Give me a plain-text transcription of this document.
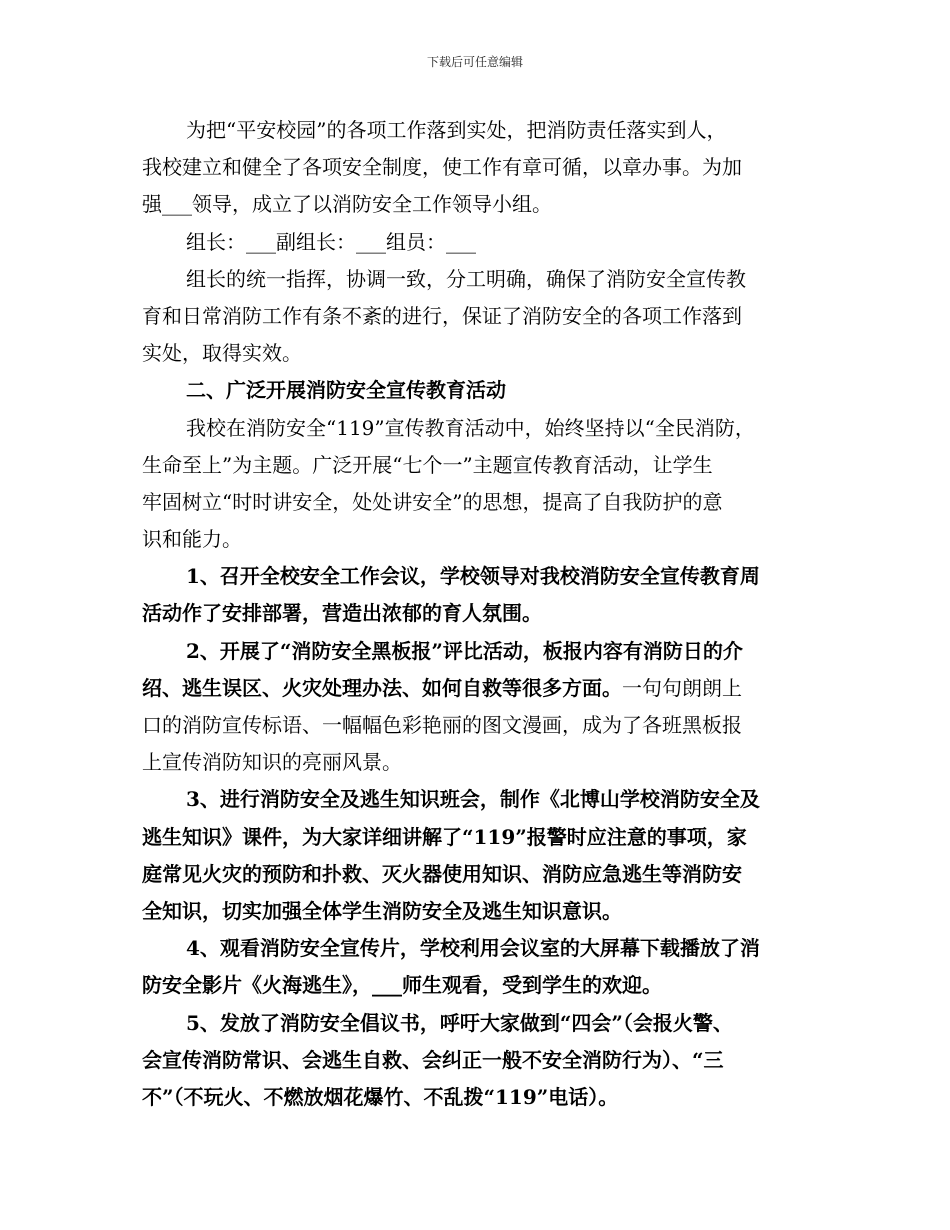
下载后可任意编辑
为把“平安校园”的各项工作落到实处，把消防责任落实到人，
我校建立和健全了各项安全制度，使工作有章可循，以章办事。为加
强___领导，成立了以消防安全工作领导小组。
组长：___副组长：___组员：___
组长的统一指挥，协调一致，分工明确，确保了消防安全宣传教
育和日常消防工作有条不紊的进行，保证了消防安全的各项工作落到
实处，取得实效。
二、广泛开展消防安全宣传教育活动
我校在消防安全“119”宣传教育活动中，始终坚持以“全民消防，
生命至上”为主题。广泛开展“七个一”主题宣传教育活动，让学生
牢固树立“时时讲安全，处处讲安全”的思想，提高了自我防护的意
识和能力。
1、召开全校安全工作会议，学校领导对我校消防安全宣传教育周
活动作了安排部署，营造出浓郁的育人氛围。
2、开展了“消防安全黑板报”评比活动，板报内容有消防日的介
绍、逃生误区、火灾处理办法、如何自救等很多方面。一句句朗朗上
口的消防宣传标语、一幅幅色彩艳丽的图文漫画，成为了各班黑板报
上宣传消防知识的亮丽风景。
3、进行消防安全及逃生知识班会，制作《北博山学校消防安全及
逃生知识》课件，为大家详细讲解了“119”报警时应注意的事项，家
庭常见火灾的预防和扑救、灭火器使用知识、消防应急逃生等消防安
全知识，切实加强全体学生消防安全及逃生知识意识。
4、观看消防安全宣传片，学校利用会议室的大屏幕下载播放了消
防安全影片《火海逃生》，___师生观看，受到学生的欢迎。
5、发放了消防安全倡议书，呼吁大家做到“四会”（会报火警、
会宣传消防常识、会逃生自救、会纠正一般不安全消防行为）、“三
不”（不玩火、不燃放烟花爆竹、不乱拨“119”电话）。
